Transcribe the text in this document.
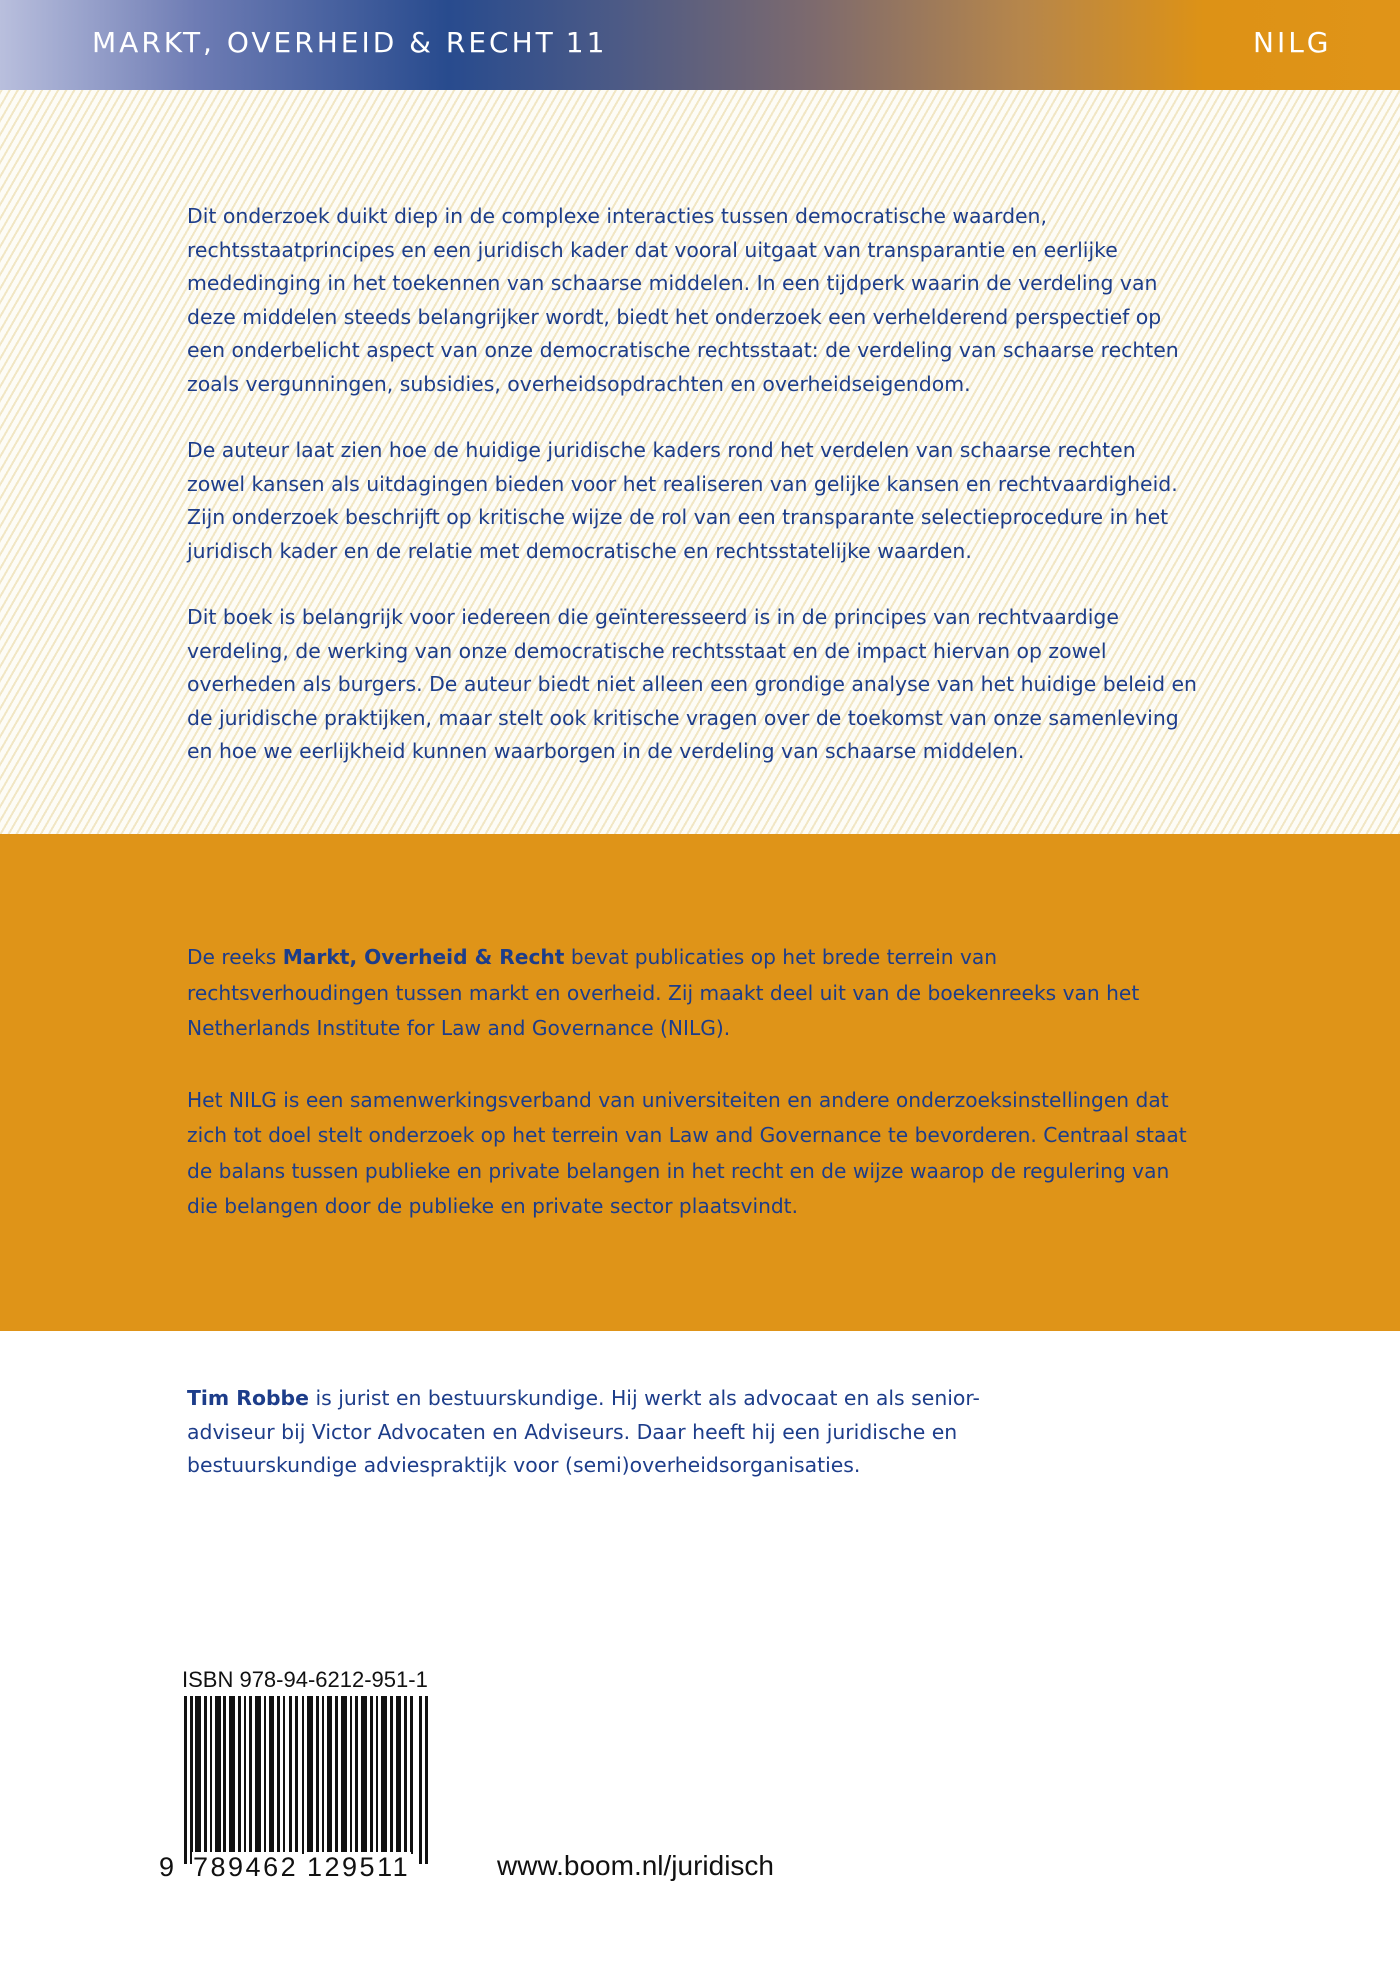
MARKT, OVERHEID & RECHT 11	NILG

Dit onderzoek duikt diep in de complexe interacties tussen democratische waarden, rechtsstaatprincipes en een juridisch kader dat vooral uitgaat van transparantie en eerlijke mededinging in het toekennen van schaarse middelen. In een tijdperk waarin de verdeling van deze middelen steeds belangrijker wordt, biedt het onderzoek een verhelderend perspectief op een onderbelicht aspect van onze democratische rechtsstaat: de verdeling van schaarse rechten zoals vergunningen, subsidies, overheidsopdrachten en overheidseigendom.

De auteur laat zien hoe de huidige juridische kaders rond het verdelen van schaarse rechten zowel kansen als uitdagingen bieden voor het realiseren van gelijke kansen en rechtvaardigheid. Zijn onderzoek beschrijft op kritische wijze de rol van een transparante selectieprocedure in het juridisch kader en de relatie met democratische en rechtsstatelijke waarden.

Dit boek is belangrijk voor iedereen die geïnteresseerd is in de principes van rechtvaardige verdeling, de werking van onze democratische rechtsstaat en de impact hiervan op zowel overheden als burgers. De auteur biedt niet alleen een grondige analyse van het huidige beleid en de juridische praktijken, maar stelt ook kritische vragen over de toekomst van onze samenleving en hoe we eerlijkheid kunnen waarborgen in de verdeling van schaarse middelen.

De reeks Markt, Overheid & Recht bevat publicaties op het brede terrein van rechtsverhoudingen tussen markt en overheid. Zij maakt deel uit van de boekenreeks van het Netherlands Institute for Law and Governance (NILG).

Het NILG is een samenwerkingsverband van universiteiten en andere onderzoeksinstellingen dat zich tot doel stelt onderzoek op het terrein van Law and Governance te bevorderen. Centraal staat de balans tussen publieke en private belangen in het recht en de wijze waarop de regulering van die belangen door de publieke en private sector plaatsvindt.

Tim Robbe is jurist en bestuurskundige. Hij werkt als advocaat en als senior-adviseur bij Victor Advocaten en Adviseurs. Daar heeft hij een juridische en bestuurskundige adviespraktijk voor (semi)overheidsorganisaties.

ISBN 978-94-6212-951-1
9 789462 129511	www.boom.nl/juridisch
